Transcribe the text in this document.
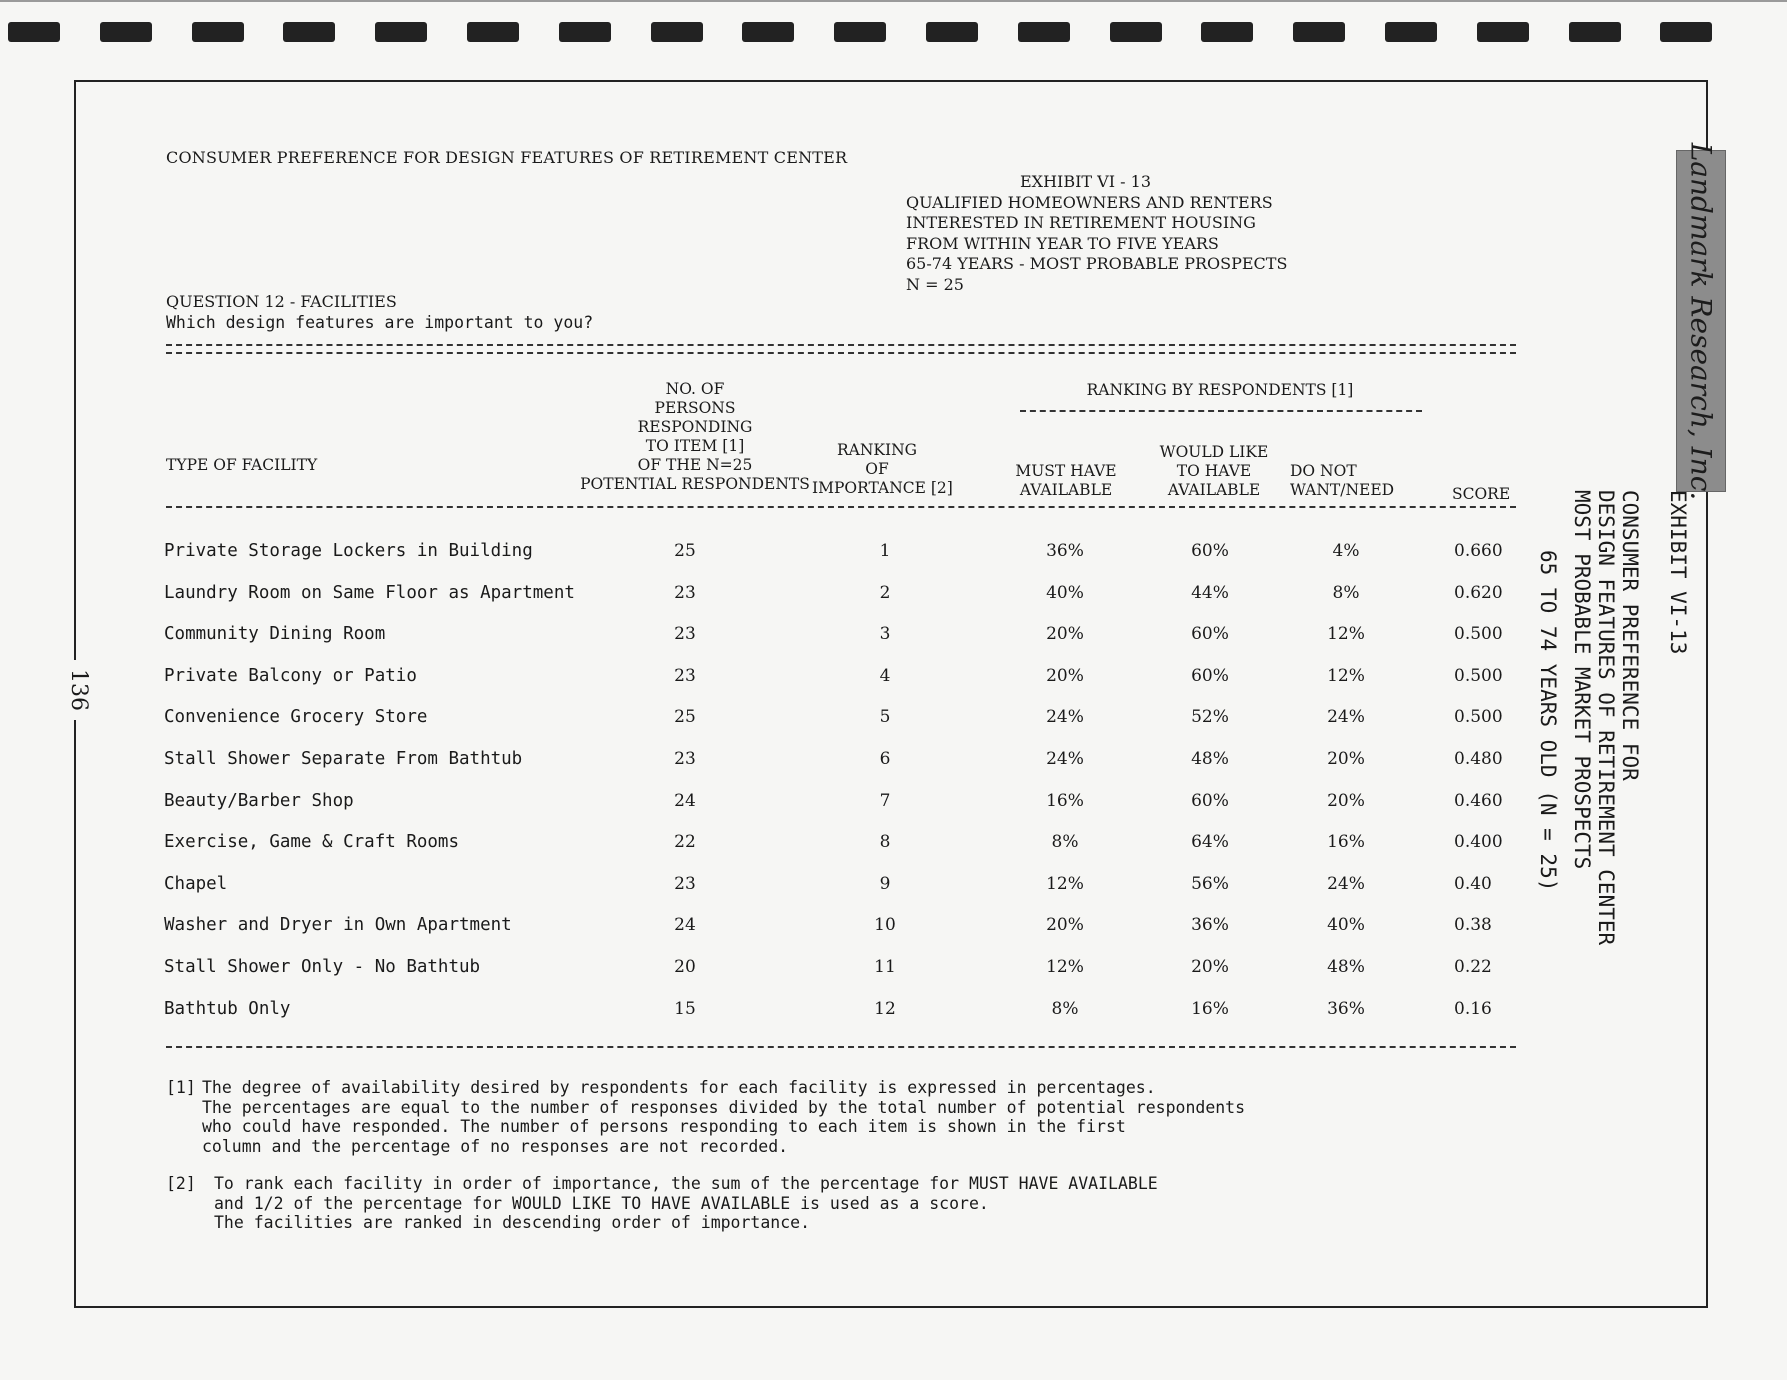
136
Landmark Research, Inc.
EXHIBIT VI-13
CONSUMER PREFERENCE FOR
DESIGN FEATURES OF RETIREMENT CENTER
MOST PROBABLE MARKET PROSPECTS
65 TO 74 YEARS OLD (N = 25)
CONSUMER PREFERENCE FOR DESIGN FEATURES OF RETIREMENT CENTER
EXHIBIT VI - 13
QUALIFIED HOMEOWNERS AND RENTERS
INTERESTED IN RETIREMENT HOUSING
FROM WITHIN YEAR TO FIVE YEARS
65-74 YEARS - MOST PROBABLE PROSPECTS
N = 25
QUESTION 12 - FACILITIES
Which design features are important to you?
TYPE OF FACILITY
NO. OF
PERSONS
RESPONDING
TO ITEM [1]
OF THE N=25
POTENTIAL RESPONDENTS
RANKING
OF
IMPORTANCE [2]
RANKING BY RESPONDENTS [1]
MUST HAVE
AVAILABLE
WOULD LIKE
TO HAVE
AVAILABLE
DO NOT
WANT/NEED	SCORE
Private Storage Lockers in Building	25	1	36%	60%	4%	0.660
Laundry Room on Same Floor as Apartment	23	2	40%	44%	8%	0.620
Community Dining Room	23	3	20%	60%	12%	0.500
Private Balcony or Patio	23	4	20%	60%	12%	0.500
Convenience Grocery Store	25	5	24%	52%	24%	0.500
Stall Shower Separate From Bathtub	23	6	24%	48%	20%	0.480
Beauty/Barber Shop	24	7	16%	60%	20%	0.460
Exercise, Game & Craft Rooms	22	8	8%	64%	16%	0.400
Chapel	23	9	12%	56%	24%	0.40
Washer and Dryer in Own Apartment	24	10	20%	36%	40%	0.38
Stall Shower Only - No Bathtub	20	11	12%	20%	48%	0.22
Bathtub Only	15	12	8%	16%	36%	0.16
[1] The degree of availability desired by respondents for each facility is expressed in percentages.
The percentages are equal to the number of responses divided by the total number of potential respondents
who could have responded. The number of persons responding to each item is shown in the first
column and the percentage of no responses are not recorded.
[2] To rank each facility in order of importance, the sum of the percentage for MUST HAVE AVAILABLE
and 1/2 of the percentage for WOULD LIKE TO HAVE AVAILABLE is used as a score.
The facilities are ranked in descending order of importance.
